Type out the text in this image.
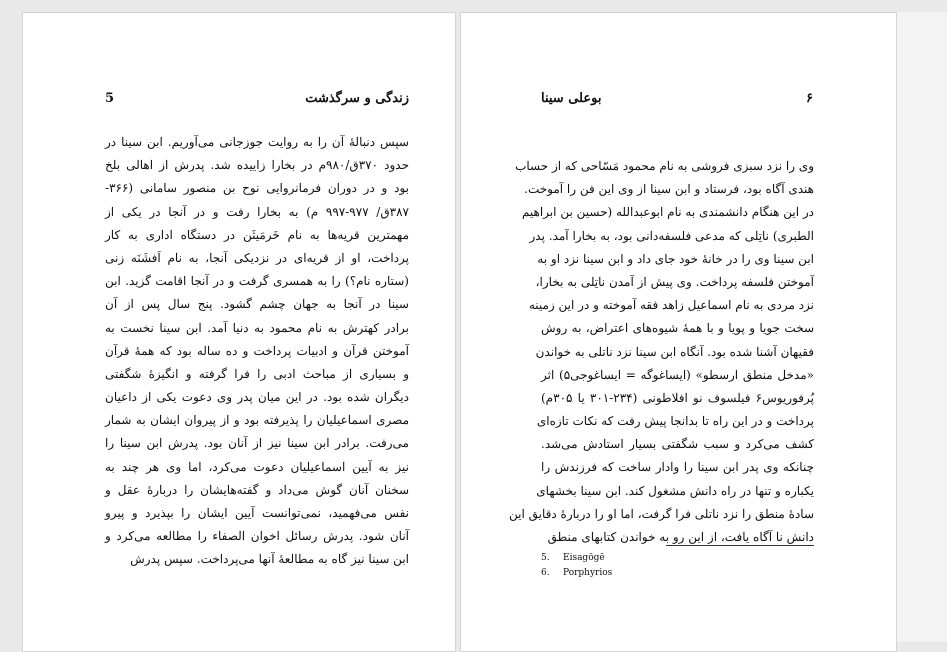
5	زندگی و سرگذشت
سپس دنبالهٔ آن را به روایت جوزجانی می‌آوریم. ابن سینا در
حدود ۳۷۰ق/۹۸۰م در بخارا زاییده شد. پدرش از اهالی بلخ
بود و در دوران فرمانروایی نوح بن منصور سامانی (۳۶۶-
۳۸۷ق/ ۹۷۷-۹۹۷ م) به بخارا رفت و در آنجا در یکی از
مهمترین قریه‌ها به نام خَرمَیثَن در دستگاه اداری به کار
پرداخت، او از قریه‌ای در نزدیکی آنجا، به نام اَفشَنَه زنی
(ستاره نام؟) را به همسری گرفت و در آنجا اقامت گزید. ابن
سینا در آنجا به جهان چشم گشود. پنج سال پس از آن
برادر کهترش به نام محمود به دنیا آمد. ابن سینا نخست به
آموختن قرآن و ادبیات پرداخت و ده ساله بود که همهٔ قرآن
و بسیاری از مباحث ادبی را فرا گرفته و انگیزهٔ شگفتی
دیگران شده بود. در این میان پدر وی دعوت یکی از داعیان
مصری اسماعیلیان را پذیرفته بود و از پیروان ایشان به شمار
می‌رفت. برادر ابن سینا نیز از آنان بود. پدرش ابن سینا را
نیز به آیین اسماعیلیان دعوت می‌کرد، اما وی هر چند به
سخنان آنان گوش می‌داد و گفته‌هایشان را دربارهٔ عقل و
نفس می‌فهمید، نمی‌توانست آیین ایشان را بپذیرد و پیرو
آنان شود. پدرش رسائل اخوان الصفاء را مطالعه می‌کرد و
ابن سینا نیز گاه به مطالعهٔ آنها می‌پرداخت. سپس پدرش
بوعلی سینا	۶
وی را نزد سبزی فروشی به نام محمود مَسّاحی که از حساب
هندی آگاه بود، فرستاد و ابن سینا از وی این فن را آموخت.
در این هنگام دانشمندی به نام ابوعبدالله (حسین بن ابراهیم
الطبری) ناتِلی که مدعی فلسفه‌دانی بود، به بخارا آمد. پدر
ابن سینا وی را در خانهٔ خود جای داد و ابن سینا نزد او به
آموختن فلسفه پرداخت. وی پیش از آمدن ناتِلی به بخارا،
نزد مردی به نام اسماعیل زاهد فقه آموخته و در این زمینه
سخت جویا و پویا و با همهٔ شیوه‌های اعتراض، به روش
فقیهان آشنا شده بود. آنگاه ابن سینا نزد ناتلی به خواندن
«مدخل منطق ارسطو» (ایساغوگه = ایساغوجی۵) اثر
پُرفوریوس۶ فیلسوف نو افلاطونی (۲۳۴-۳۰۱ یا ۳۰۵م)
پرداخت و در این راه تا بدانجا پیش رفت که نکات تازه‌ای
کشف می‌کرد و سبب شگفتی بسیار استادش می‌شد.
چنانکه وی پدر ابن سینا را وادار ساخت که فرزندش را
یکباره و تنها در راه دانش مشغول کند. ابن سینا بخشهای
سادهٔ منطق را نزد ناتلی فرا گرفت، اما او را دربارهٔ دقایق این
دانش نا آگاه یافت، از این رو به خواندن کتابهای منطق
5. Eisagōgē
6. Porphyrios
